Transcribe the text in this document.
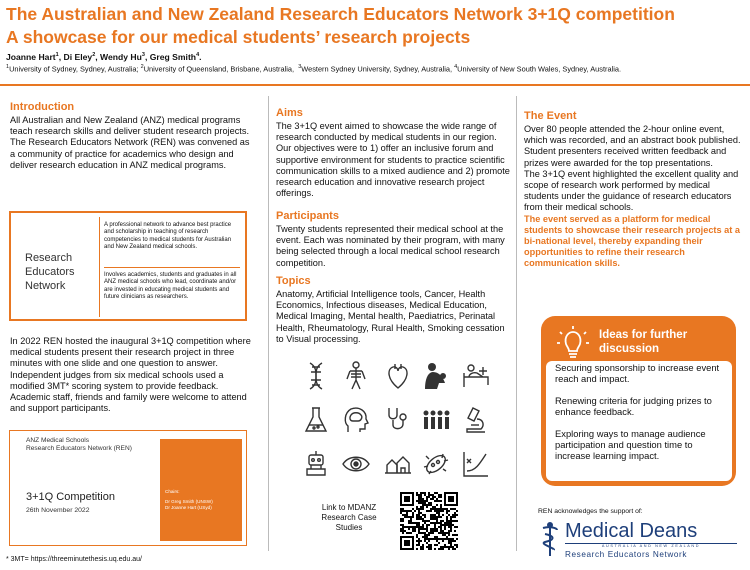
The Australian and New Zealand Research Educators Network 3+1Q competition
A showcase for our medical students’ research projects
Joanne Hart$^1$, Di Eley$^2$, Wendy Hu$^3$, Greg Smith$^4$.
$^1$University of Sydney, Sydney, Australia; $^2$University of Queensland, Brisbane, Australia, $^3$Western Sydney University, Sydney, Australia, $^4$University of New South Wales, Sydney, Australia.
Introduction

All Australian and New Zealand (ANZ) medical programs teach research skills and deliver student research projects.

The Research Educators Network (REN) was convened as a community of practice for academics who design and deliver research education in ANZ medical programs.

Research Educators Network
A professional network to advance best practice and scholarship in teaching of research competencies to medical students for Australian and New Zealand medical schools.
Involves academics, students and graduates in all ANZ medical schools who lead, coordinate and/or are invested in educating medical students and future clinicians as researchers.

In 2022 REN hosted the inaugural 3+1Q competition where medical students present their research project in three minutes with one slide and one question to answer.

Independent judges from six medical schools used a modified 3MT* scoring system to provide feedback. Academic staff, friends and family were welcome to attend and support participants.

ANZ Medical Schools
Research Educators Network (REN)
3+1Q Competition
26th November 2022
Chairs:
Dr Greg Smith (UNSW)
Dr Joanne Hart (USyd)
* 3MT= https://threeminutethesis.uq.edu.au/
Aims
The 3+1Q event aimed to showcase the wide range of research conducted by medical students in our region. Our objectives were to 1) offer an inclusive forum and supportive environment for students to practice scientific communication skills to a mixed audience and 2) promote research education and innovative research project offerings.
Participants
Twenty students represented their medical school at the event. Each was nominated by their program, with many being selected through a local medical school research competition.
Topics
Anatomy, Artificial Intelligence tools, Cancer, Health Economics, Infectious diseases, Medical Education, Medical Imaging, Mental health, Paediatrics, Perinatal Health, Rheumatology, Rural Health, Smoking cessation to Visual processing.
Link to MDANZ Research Case Studies
The Event

Over 80 people attended the 2-hour online event, which was recorded, and an abstract book published. Student presenters received written feedback and prizes were awarded for the top presentations.

The 3+1Q event highlighted the excellent quality and scope of research work performed by medical students under the guidance of research educators from their medical schools.

The event served as a platform for medical students to showcase their research projects at a bi-national level, thereby expanding their opportunities to refine their research communication skills.

Ideas for further discussion

Securing sponsorship to increase event reach and impact.

Renewing criteria for judging prizes to enhance feedback.

Exploring ways to manage audience participation and question time to increase learning impact.

REN acknowledges the support of:
Medical Deans
AUSTRALIA AND NEW ZEALAND
Research Educators Network
